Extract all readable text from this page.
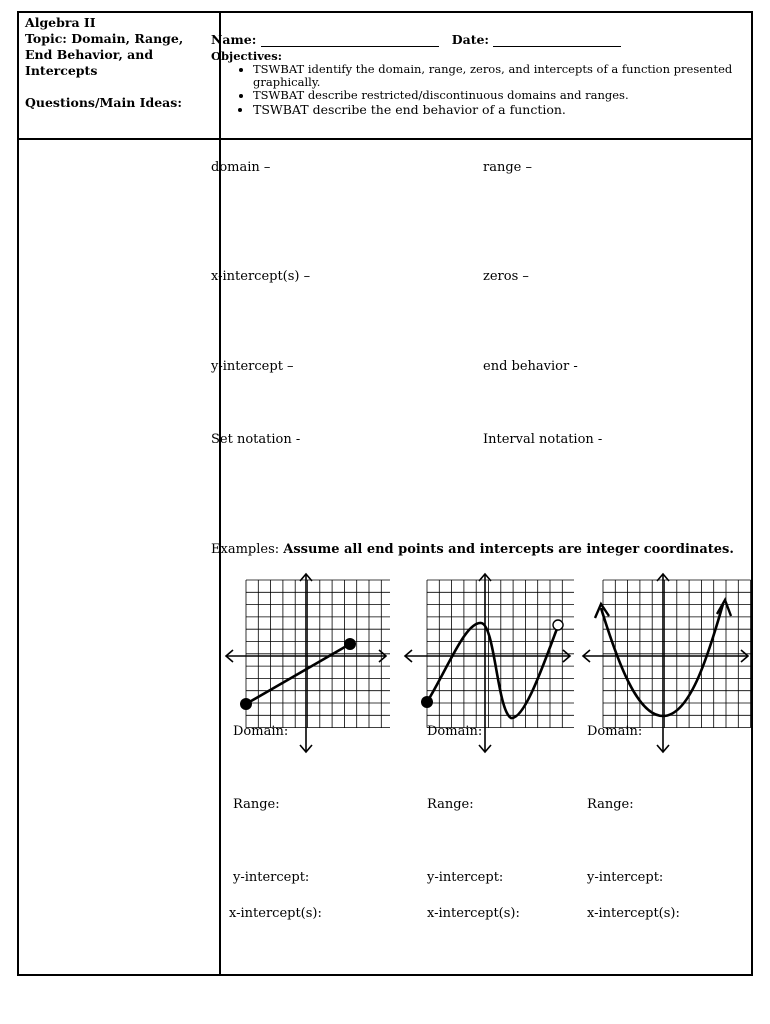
Algebra II
Topic: Domain, Range,
End Behavior, and
Intercepts
Questions/Main Ideas:
Name:	Date:
Objectives:
• TSWBAT identify the domain, range, zeros, and intercepts of a function presented graphically.
• TSWBAT describe restricted/discontinuous domains and ranges.
• TSWBAT describe the end behavior of a function.
domain –	range –
x-intercept(s) –	zeros –
y-intercept –	end behavior -
Set notation -	Interval notation -
Examples: Assume all end points and intercepts are integer coordinates.
Domain:	Domain:	Domain:
Range:	Range:	Range:
y-intercept:	y-intercept:	y-intercept:
x-intercept(s):	x-intercept(s):	x-intercept(s):
